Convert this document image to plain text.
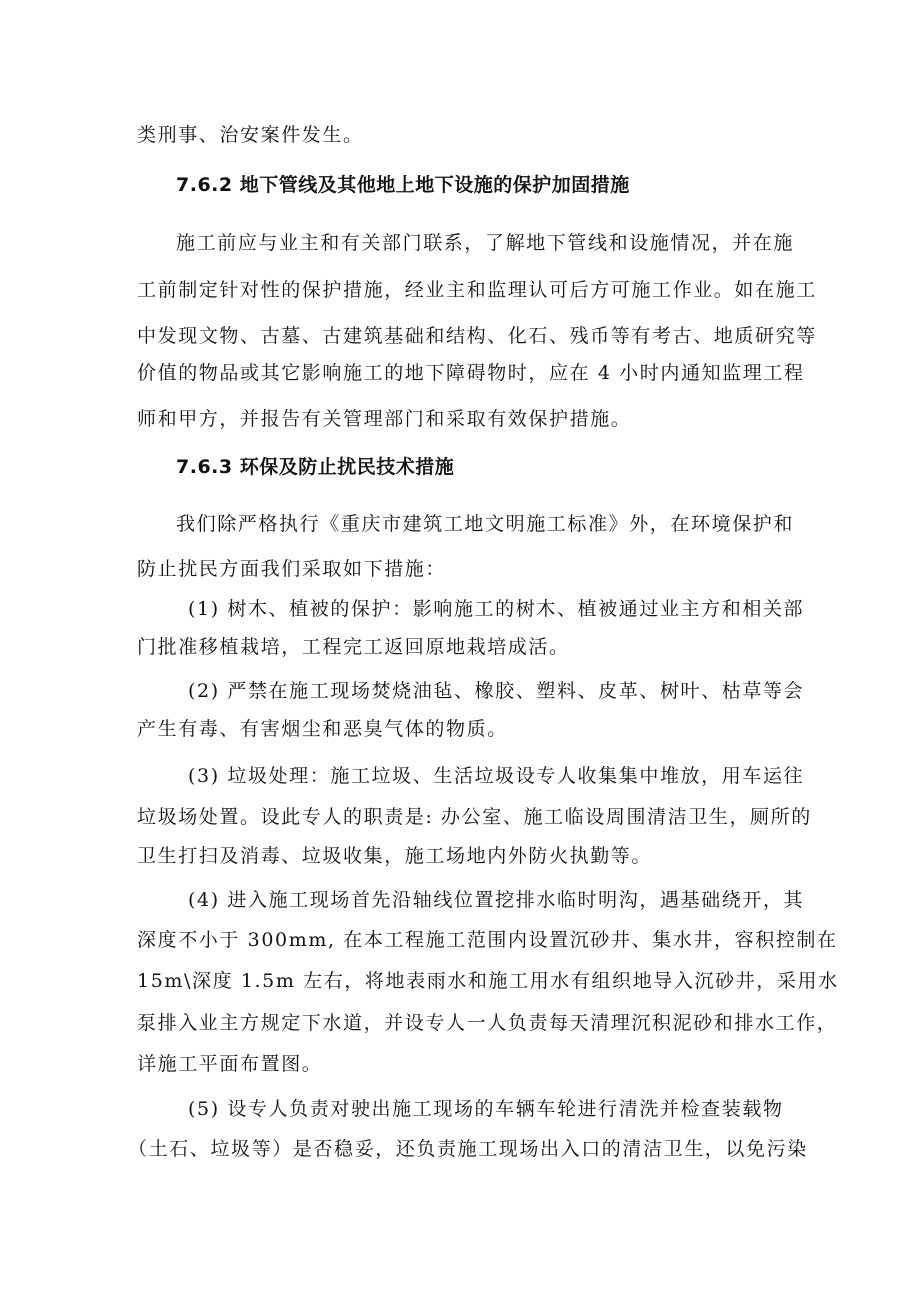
类刑事、治安案件发生。
7.6.2 地下管线及其他地上地下设施的保护加固措施
施工前应与业主和有关部门联系，了解地下管线和设施情况，并在施
工前制定针对性的保护措施，经业主和监理认可后方可施工作业。如在施工
中发现文物、古墓、古建筑基础和结构、化石、残币等有考古、地质研究等
价值的物品或其它影响施工的地下障碍物时，应在 4 小时内通知监理工程
师和甲方，并报告有关管理部门和采取有效保护措施。
7.6.3 环保及防止扰民技术措施
我们除严格执行《重庆市建筑工地文明施工标准》外，在环境保护和
防止扰民方面我们采取如下措施：
(1) 树木、植被的保护：影响施工的树木、植被通过业主方和相关部
门批准移植栽培，工程完工返回原地栽培成活。
(2) 严禁在施工现场焚烧油毡、橡胶、塑料、皮革、树叶、枯草等会
产生有毒、有害烟尘和恶臭气体的物质。
(3) 垃圾处理：施工垃圾、生活垃圾设专人收集集中堆放，用车运往
垃圾场处置。设此专人的职责是: 办公室、施工临设周围清洁卫生，厕所的
卫生打扫及消毒、垃圾收集，施工场地内外防火执勤等。
(4) 进入施工现场首先沿轴线位置挖排水临时明沟，遇基础绕开，其
深度不小于 300mm, 在本工程施工范围内设置沉砂井、集水井，容积控制在
15m\深度 1.5m 左右，将地表雨水和施工用水有组织地导入沉砂井，采用水
泵排入业主方规定下水道，并设专人一人负责每天清理沉积泥砂和排水工作，
详施工平面布置图。
(5) 设专人负责对驶出施工现场的车辆车轮进行清洗并检查装载物
（土石、垃圾等）是否稳妥，还负责施工现场出入口的清洁卫生，以免污染
